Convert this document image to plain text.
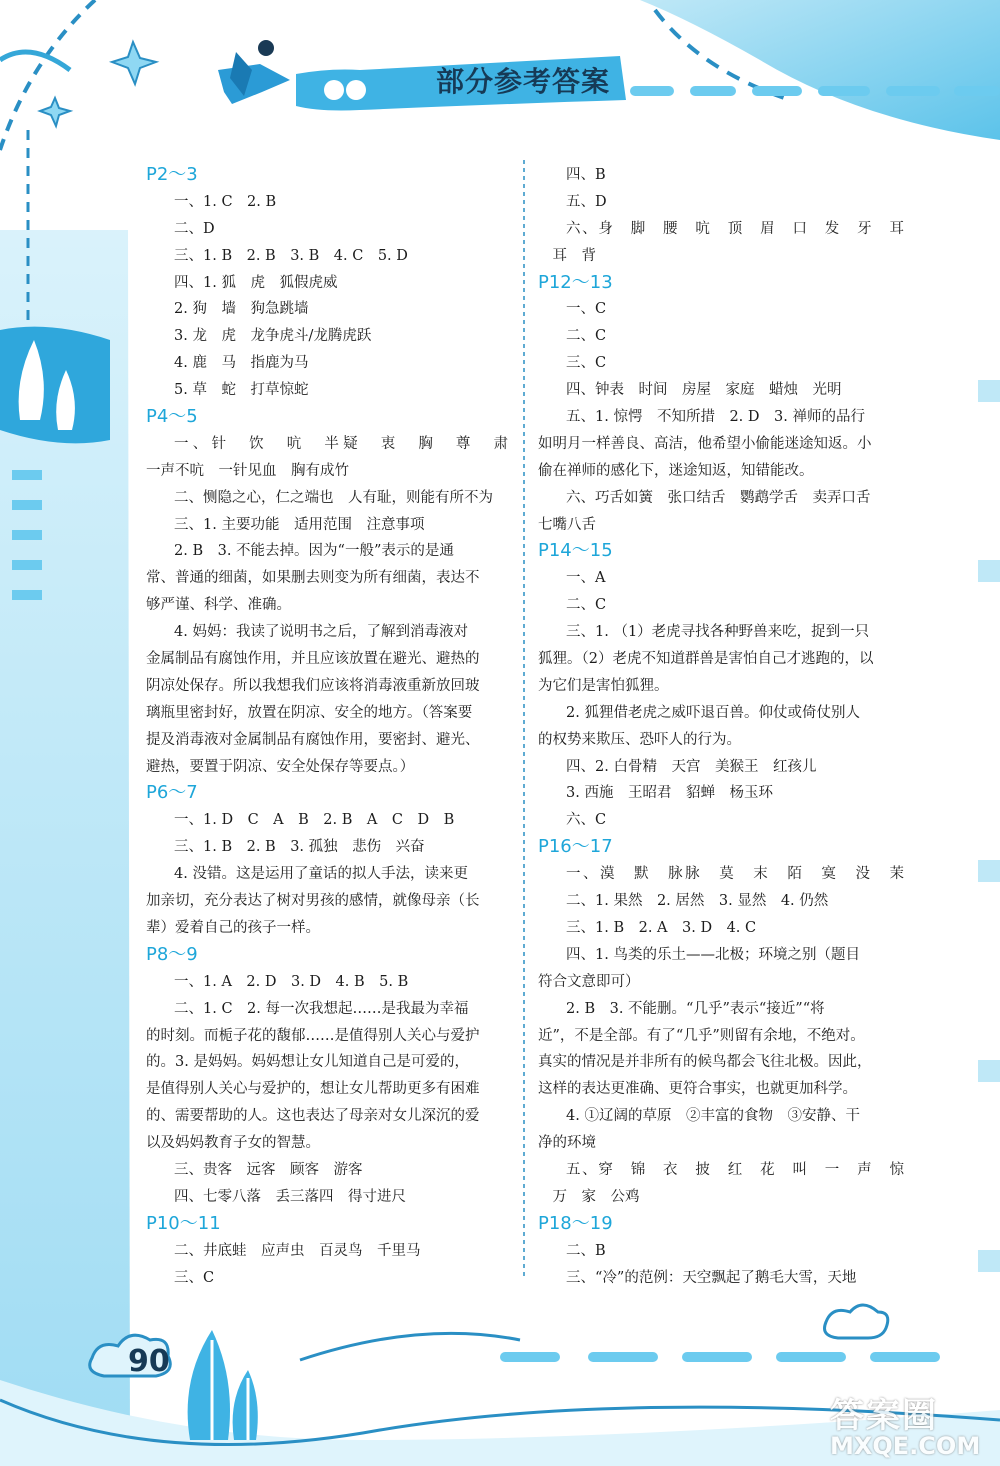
部分参考答案
P2～3
一、1. C　2. B
二、D
三、1. B　2. B　3. B　4. C　5. D
四、1. 狐　虎　狐假虎威
2. 狗　墙　狗急跳墙
3. 龙　虎　龙争虎斗/龙腾虎跃
4. 鹿　马　指鹿为马
5. 草　蛇　打草惊蛇
P4～5
一、针　饮　吭　半疑　衷　胸　尊　肃
一声不吭　一针见血　胸有成竹
二、恻隐之心，仁之端也　人有耻，则能有所不为
三、1. 主要功能　适用范围　注意事项
2. B　3. 不能去掉。因为“一般”表示的是通
常、普通的细菌，如果删去则变为所有细菌，表达不
够严谨、科学、准确。
4. 妈妈：我读了说明书之后，了解到消毒液对
金属制品有腐蚀作用，并且应该放置在避光、避热的
阴凉处保存。所以我想我们应该将消毒液重新放回玻
璃瓶里密封好，放置在阴凉、安全的地方。（答案要
提及消毒液对金属制品有腐蚀作用，要密封、避光、
避热，要置于阴凉、安全处保存等要点。）
P6～7
一、1. D　C　A　B　2. B　A　C　D　B
三、1. B　2. B　3. 孤独　悲伤　兴奋
4. 没错。这是运用了童话的拟人手法，读来更
加亲切，充分表达了树对男孩的感情，就像母亲（长
辈）爱着自己的孩子一样。
P8～9
一、1. A　2. D　3. D　4. B　5. B
二、1. C　2. 每一次我想起……是我最为幸福
的时刻。而栀子花的馥郁……是值得别人关心与爱护
的。3. 是妈妈。妈妈想让女儿知道自己是可爱的，
是值得别人关心与爱护的，想让女儿帮助更多有困难
的、需要帮助的人。这也表达了母亲对女儿深沉的爱
以及妈妈教育子女的智慧。
三、贵客　远客　顾客　游客
四、七零八落　丢三落四　得寸进尺
P10～11
二、井底蛙　应声虫　百灵鸟　千里马
三、C
四、B
五、D
六、身　脚　腰　吭　顶　眉　口　发　牙　耳
　耳　背
P12～13
一、C
二、C
三、C
四、钟表　时间　房屋　家庭　蜡烛　光明
五、1. 惊愕　不知所措　2. D　3. 禅师的品行
如明月一样善良、高洁，他希望小偷能迷途知返。小
偷在禅师的感化下，迷途知返，知错能改。
六、巧舌如簧　张口结舌　鹦鹉学舌　卖弄口舌
七嘴八舌
P14～15
一、A
二、C
三、1. （1）老虎寻找各种野兽来吃，捉到一只
狐狸。（2）老虎不知道群兽是害怕自己才逃跑的，以
为它们是害怕狐狸。
2. 狐狸借老虎之威吓退百兽。仰仗或倚仗别人
的权势来欺压、恐吓人的行为。
四、2. 白骨精　天宫　美猴王　红孩儿
3. 西施　王昭君　貂蝉　杨玉环
六、C
P16～17
一、漠　默　脉脉　莫　末　陌　寞　没　茉
二、1. 果然　2. 居然　3. 显然　4. 仍然
三、1. B　2. A　3. D　4. C
四、1. 鸟类的乐土——北极；环境之别（题目
符合文意即可）
2. B　3. 不能删。“几乎”表示“接近”“将
近”，不是全部。有了“几乎”则留有余地，不绝对。
真实的情况是并非所有的候鸟都会飞往北极。因此，
这样的表达更准确、更符合事实，也就更加科学。
4. ①辽阔的草原　②丰富的食物　③安静、干
净的环境
五、穿　锦　衣　披　红　花　叫　一　声　惊
　万　家　公鸡
P18～19
二、B
三、“冷”的范例：天空飘起了鹅毛大雪，天地
90
答案圈
MXQE.COM
